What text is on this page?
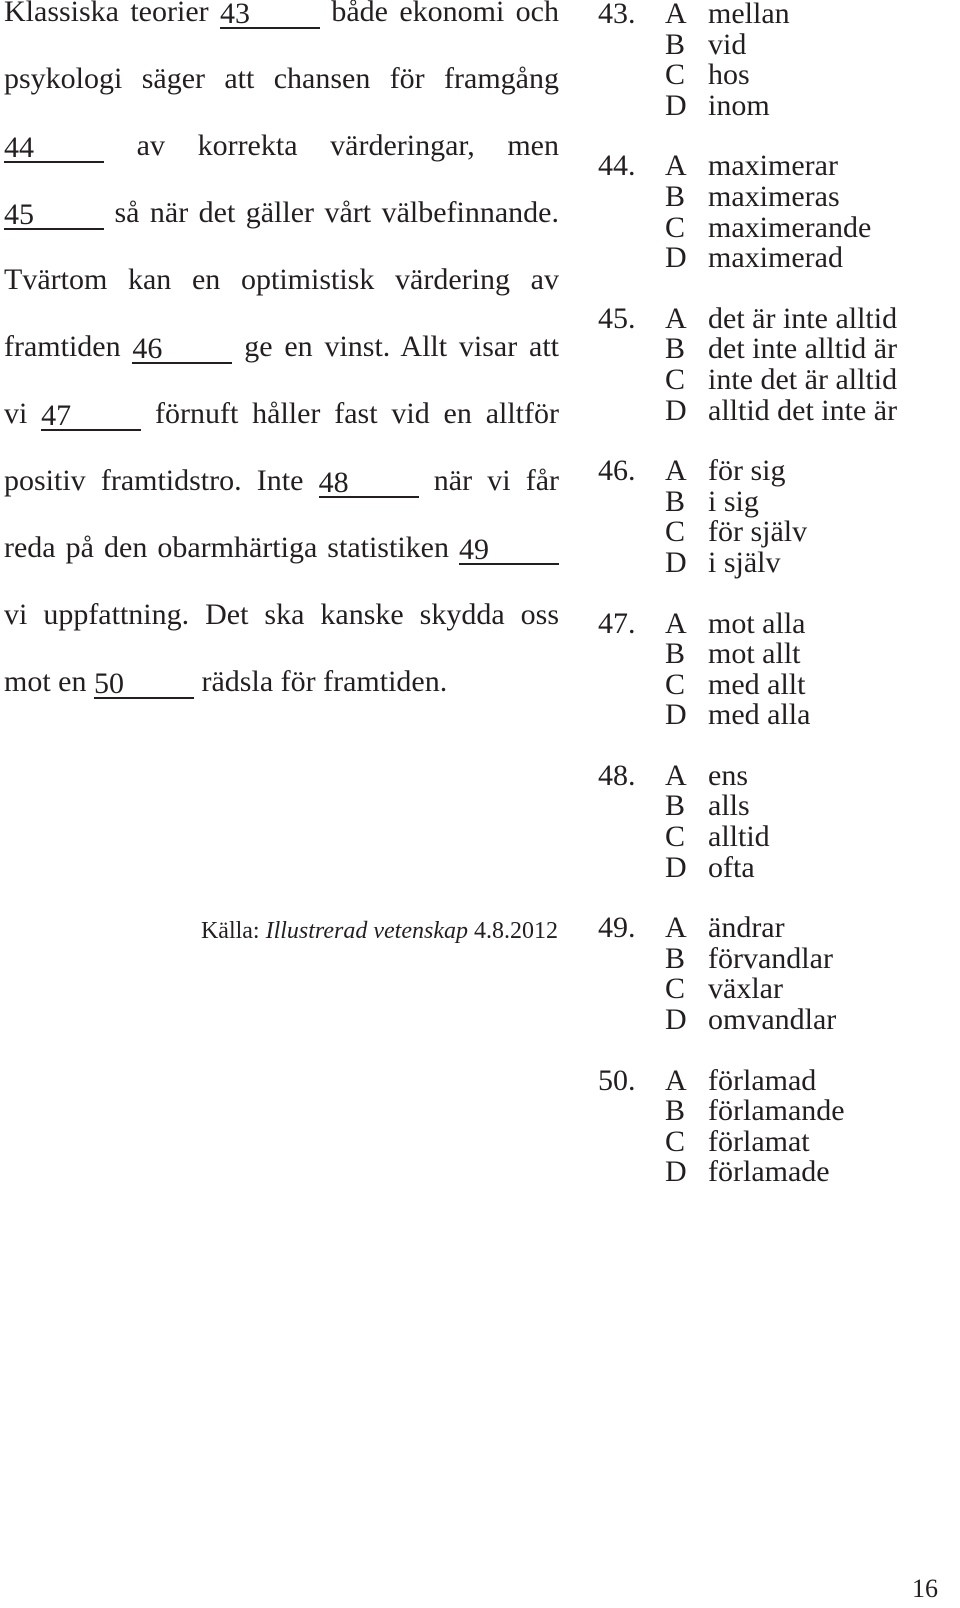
Klassiska teorier 43 både ekonomi och psykologi säger att chansen för framgång 44 av korrekta värderingar, men 45 så när det gäller vårt välbefinnande. Tvärtom kan en optimistisk värdering av framtiden 46 ge en vinst. Allt visar att vi 47 förnuft håller fast vid en alltför positiv framtidstro. Inte 48 när vi får reda på den obarmhärtiga statistiken 49 vi uppfattning. Det ska kanske skydda oss mot en 50 rädsla för framtiden.

Källa: Illustrerad vetenskap 4.8.2012
43. A mellan
B vid
C hos
D inom
44. A maximerar
B maximeras
C maximerande
D maximerad
45. A det är inte alltid
B det inte alltid är
C inte det är alltid
D alltid det inte är
46. A för sig
B i sig
C för själv
D i själv
47. A mot alla
B mot allt
C med allt
D med alla
48. A ens
B alls
C alltid
D ofta
49. A ändrar
B förvandlar
C växlar
D omvandlar
50. A förlamad
B förlamande
C förlamat
D förlamade
16
